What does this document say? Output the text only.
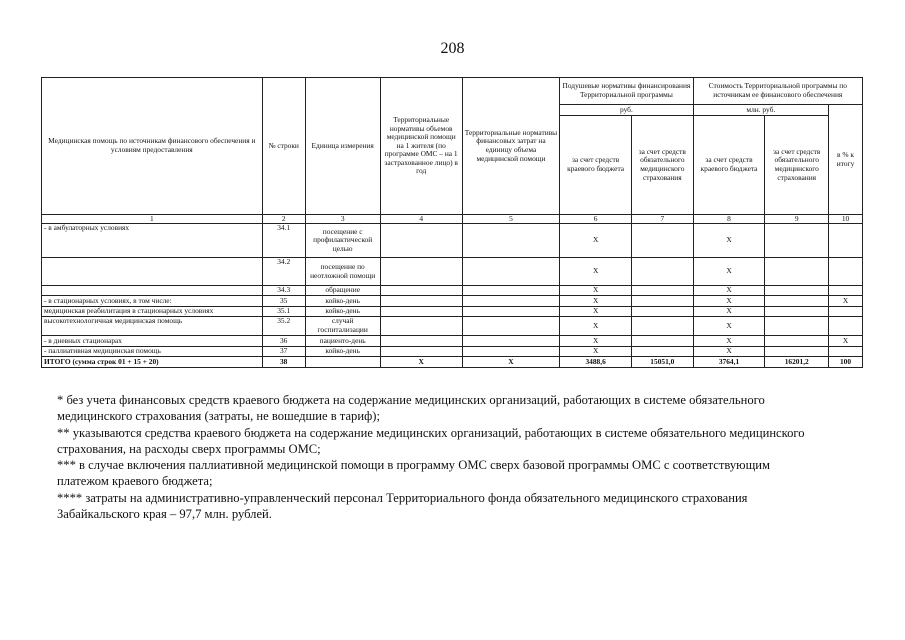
208
Медицинская помощь по источникам финансового обеспечения и условиям предоставления	№ строки	Единица измерения	Территориальные нормативы объемов медицинской помощи на 1 жителя (по программе ОМС – на 1 застрахованное лицо) в год	Территориальные нормативы финансовых затрат на единицу объема медицинской помощи	Подушевые нормативы финансирования Территориальной программы		Стоимость Территориальной программы по источникам ее финансового обеспечения		
					руб.		млн. руб.		в % к итогу
					за счет средств краевого бюджета	за счет средств обязательного медицинского страхования	за счет средств краевого бюджета	за счет средств обязательного медицинского страхования	
1	2	3	4	5	6	7	8	9	10
- в амбулаторных условиях	34.1	посещение с профилактической целью			X		X		
	34.2	посещение по неотложной помощи			X		X		
	34.3	обращение			X		X		
- в стационарных условиях, в том числе:	35	койко-день			X		X		X
медицинская реабилитация в стационарных условиях	35.1	койко-день			X		X		
высокотехнологичная медицинская помощь	35.2	случай госпитализации			X		X		
- в дневных стационарах	36	пациенто-день			X		X		X
- паллиативная медицинская помощь	37	койко-день			X		X		
ИТОГО (сумма строк 01 + 15 + 20)	38		X	X	3488,6	15051,0	3764,1	16201,2	100

* без учета финансовых средств краевого бюджета на содержание медицинских организаций, работающих в системе обязательного

медицинского страхования (затраты, не вошедшие в тариф);

** указываются средства краевого бюджета на содержание медицинских организаций, работающих в системе обязательного медицинского

страхования, на расходы сверх программы ОМС;

*** в случае включения паллиативной медицинской помощи в программу ОМС сверх базовой программы ОМС с соответствующим

платежом краевого бюджета;

**** затраты на административно-управленческий персонал Территориального фонда обязательного медицинского страхования

Забайкальского края – 97,7 млн. рублей.
